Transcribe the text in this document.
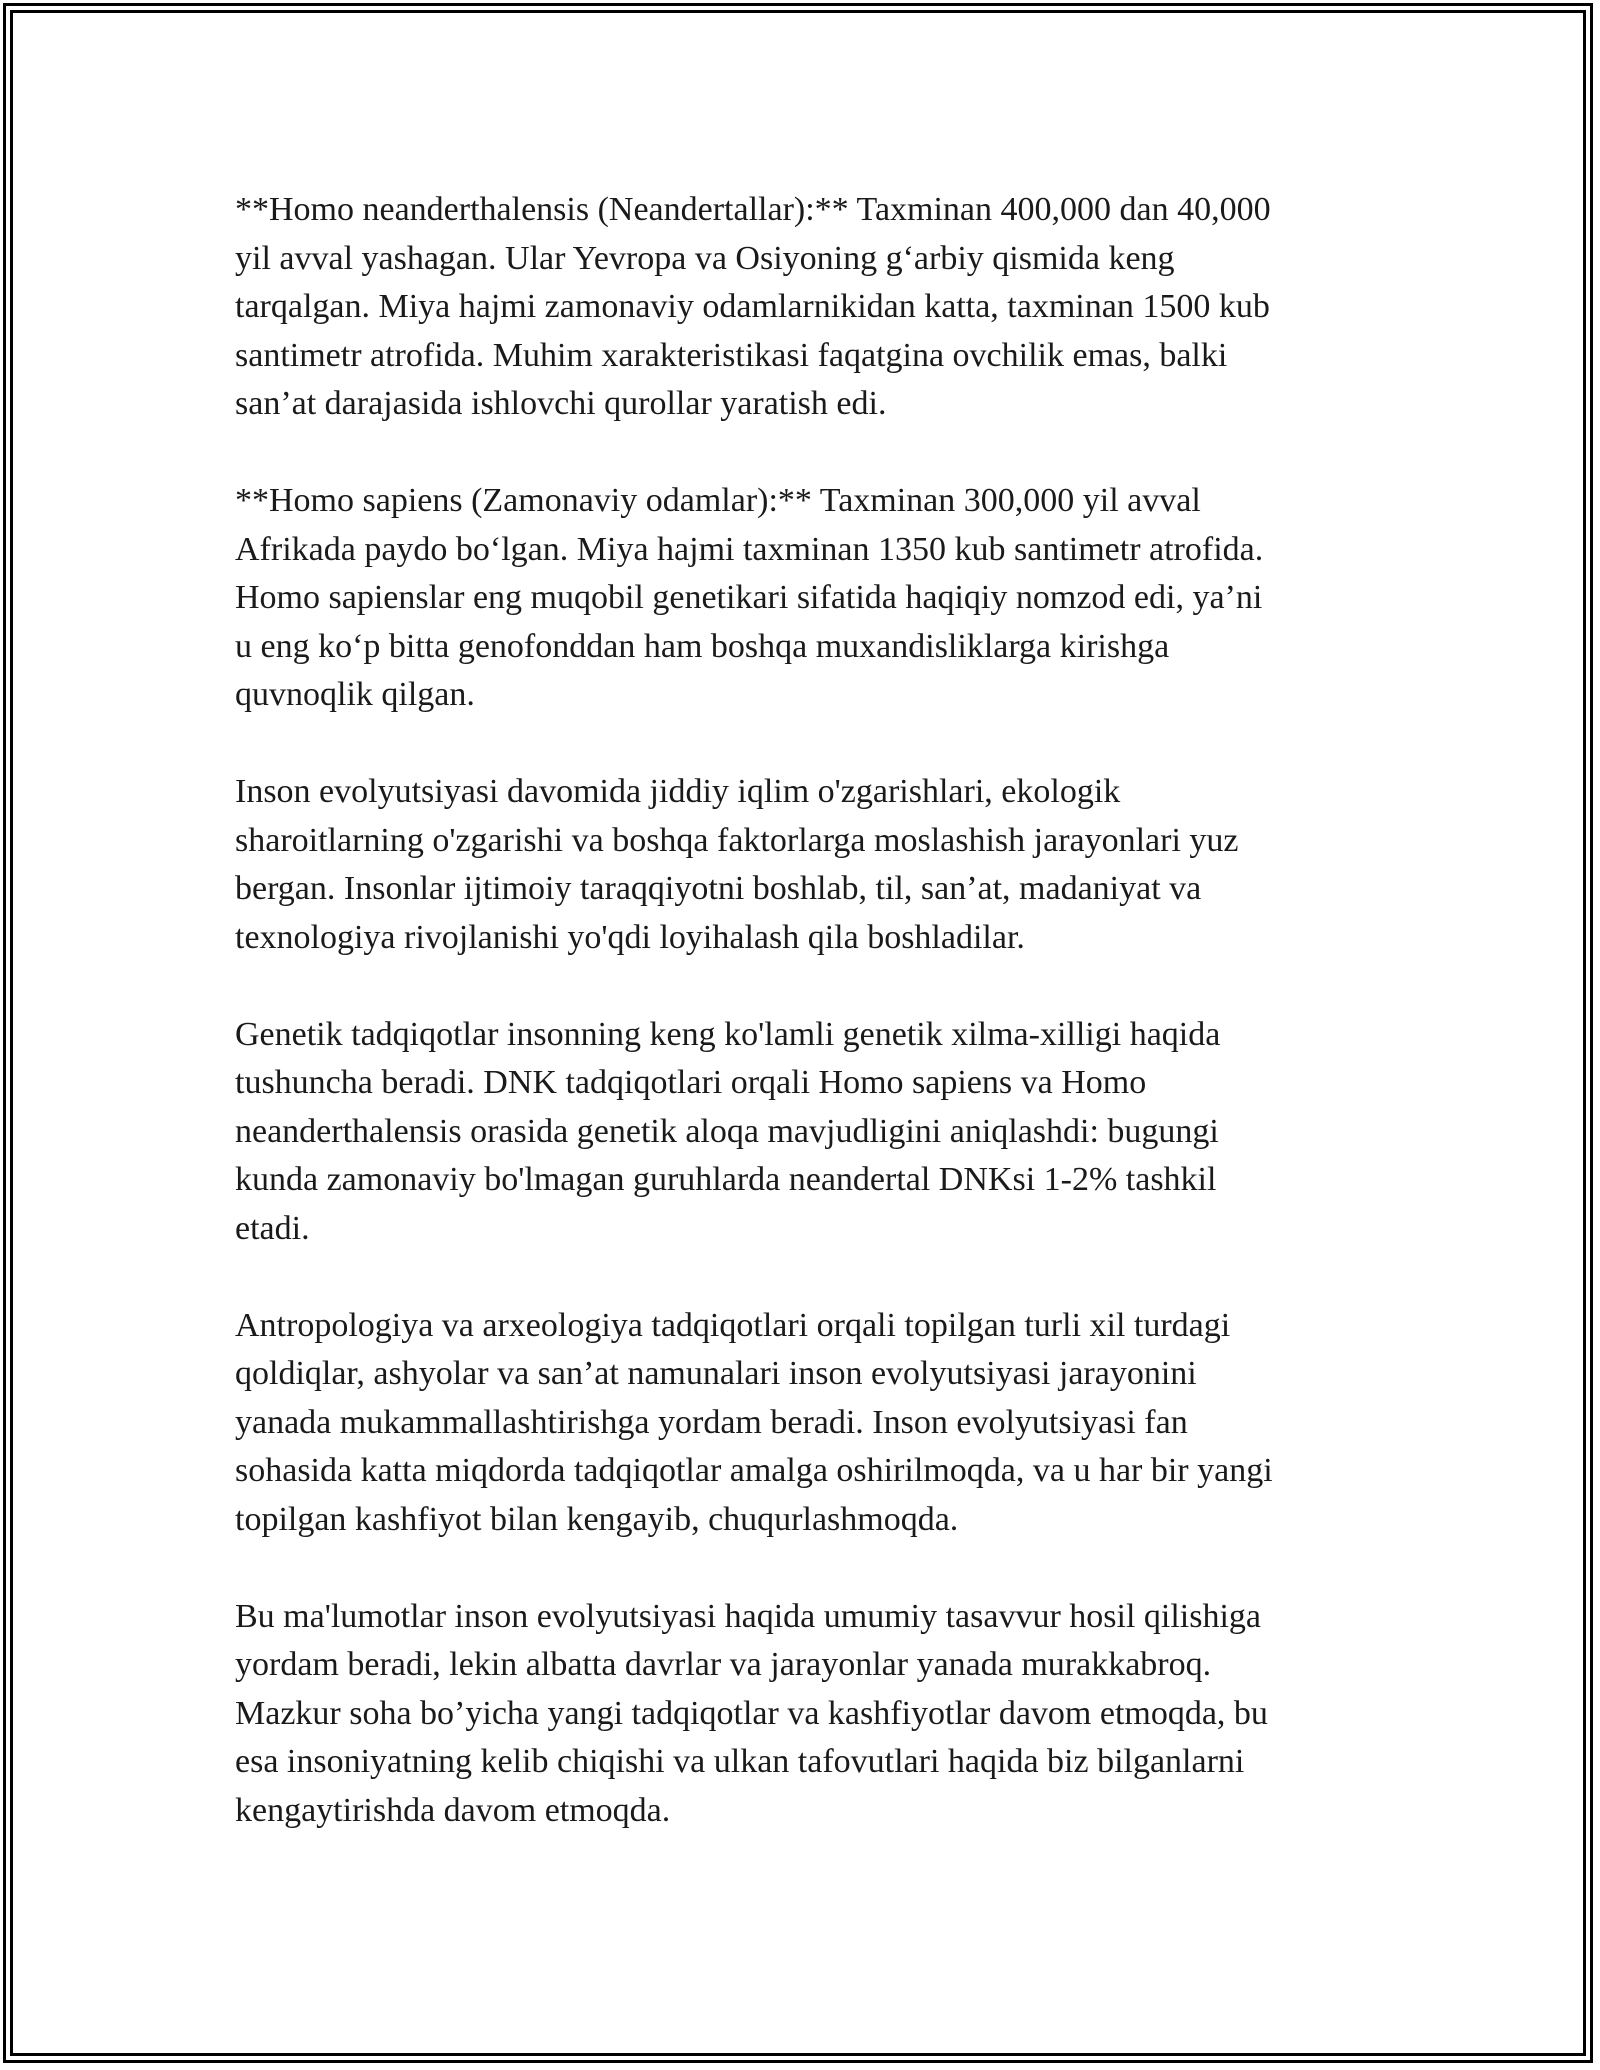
**Homo neanderthalensis (Neandertallar):** Taxminan 400,000 dan 40,000
yil avval yashagan. Ular Yevropa va Osiyoning g‘arbiy qismida keng
tarqalgan. Miya hajmi zamonaviy odamlarnikidan katta, taxminan 1500 kub
santimetr atrofida. Muhim xarakteristikasi faqatgina ovchilik emas, balki
san’at darajasida ishlovchi qurollar yaratish edi.

**Homo sapiens (Zamonaviy odamlar):** Taxminan 300,000 yil avval
Afrikada paydo bo‘lgan. Miya hajmi taxminan 1350 kub santimetr atrofida.
Homo sapienslar eng muqobil genetikari sifatida haqiqiy nomzod edi, ya’ni
u eng ko‘p bitta genofonddan ham boshqa muxandisliklarga kirishga
quvnoqlik qilgan.

Inson evolyutsiyasi davomida jiddiy iqlim o'zgarishlari, ekologik
sharoitlarning o'zgarishi va boshqa faktorlarga moslashish jarayonlari yuz
bergan. Insonlar ijtimoiy taraqqiyotni boshlab, til, san’at, madaniyat va
texnologiya rivojlanishi yo'qdi loyihalash qila boshladilar.

Genetik tadqiqotlar insonning keng ko'lamli genetik xilma-xilligi haqida
tushuncha beradi. DNK tadqiqotlari orqali Homo sapiens va Homo
neanderthalensis orasida genetik aloqa mavjudligini aniqlashdi: bugungi
kunda zamonaviy bo'lmagan guruhlarda neandertal DNKsi 1-2% tashkil
etadi.

Antropologiya va arxeologiya tadqiqotlari orqali topilgan turli xil turdagi
qoldiqlar, ashyolar va san’at namunalari inson evolyutsiyasi jarayonini
yanada mukammallashtirishga yordam beradi. Inson evolyutsiyasi fan
sohasida katta miqdorda tadqiqotlar amalga oshirilmoqda, va u har bir yangi
topilgan kashfiyot bilan kengayib, chuqurlashmoqda.

Bu ma'lumotlar inson evolyutsiyasi haqida umumiy tasavvur hosil qilishiga
yordam beradi, lekin albatta davrlar va jarayonlar yanada murakkabroq.
Mazkur soha bo’yicha yangi tadqiqotlar va kashfiyotlar davom etmoqda, bu
esa insoniyatning kelib chiqishi va ulkan tafovutlari haqida biz bilganlarni
kengaytirishda davom etmoqda.
